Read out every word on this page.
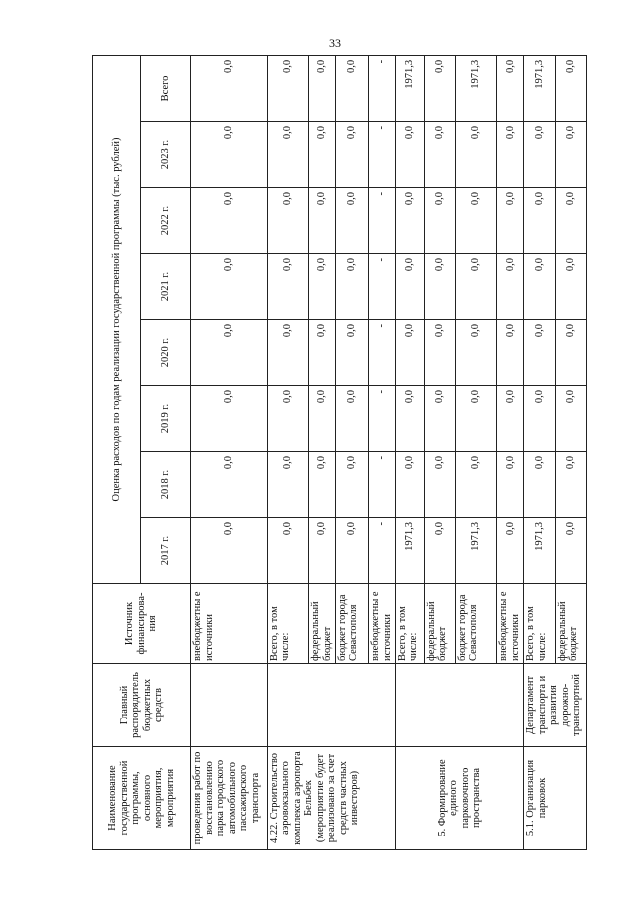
33
Наименование государственной программы, основного мероприятия, мероприятия	Главный распорядитель бюджетных средств	Источник финансирова-ния	Оценка расходов по годам реализации государственной программы (тыс. рублей)							
			2017 г.	2018 г.	2019 г.	2020 г.	2021 г.	2022 г.	2023 г.	Всего
проведения работ по восстановлению парка городского автомобильного пассажирского транспорта		внебюджетны е источники	0,0	0,0	0,0	0,0	0,0	0,0	0,0	0,0
4.22. Строительство аэровокзального комплекса аэропорта Бельбек (мероприятие будет реализовано за счет средств частных инвесторов)		Всего, в том числе:	0,0	0,0	0,0	0,0	0,0	0,0	0,0	0,0
		федеральный бюджет	0,0	0,0	0,0	0,0	0,0	0,0	0,0	0,0
		бюджет города Севастополя	0,0	0,0	0,0	0,0	0,0	0,0	0,0	0,0
		внебюджетны е источники	-	-	-	-	-	-	-	-
5. Формирование единого парковочного пространства		Всего, в том числе:	1971,3	0,0	0,0	0,0	0,0	0,0	0,0	1971,3
		федеральный бюджет	0,0	0,0	0,0	0,0	0,0	0,0	0,0	0,0
		бюджет города Севастополя	1971,3	0,0	0,0	0,0	0,0	0,0	0,0	1971,3
		внебюджетны е источники	0,0	0,0	0,0	0,0	0,0	0,0	0,0	0,0
5.1. Организация парковок	Департамент транспорта и развития дорожно-транспортной	Всего, в том числе:	1971,3	0,0	0,0	0,0	0,0	0,0	0,0	1971,3
		федеральный бюджет	0,0	0,0	0,0	0,0	0,0	0,0	0,0	0,0
